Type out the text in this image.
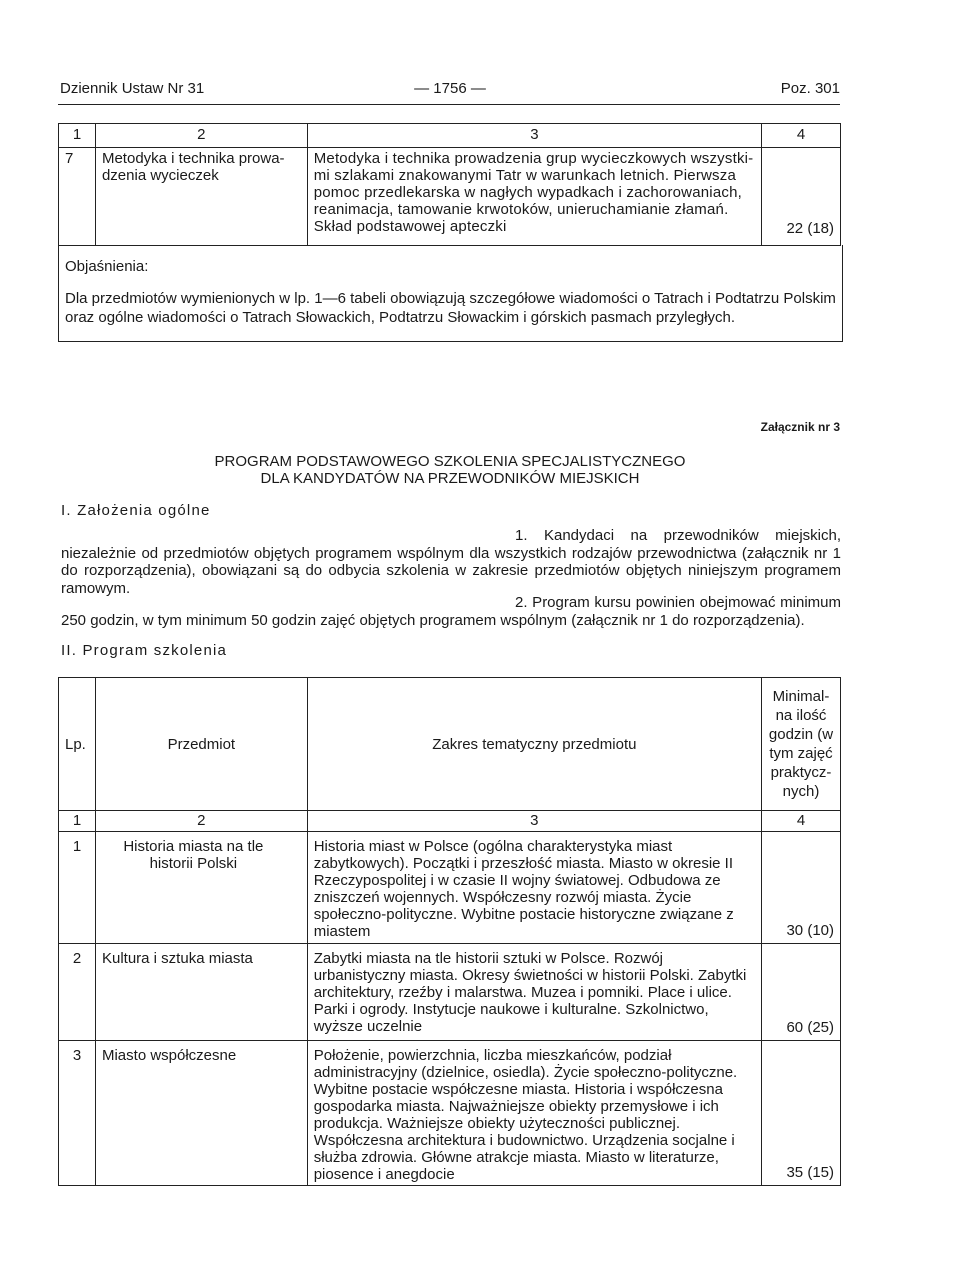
Dziennik Ustaw Nr 31	— 1756 —	Poz. 301
1	2	3	4
7	Metodyka i technika prowa-dzenia wycieczek	Metodyka i technika prowadzenia grup wycieczkowych wszystki-mi szlakami znakowanymi Tatr w warunkach letnich. Pierwsza pomoc przedlekarska w nagłych wypadkach i zachorowaniach, reanimacja, tamowanie krwotoków, unieruchamianie złamań. Skład podstawowej apteczki	22 (18)
Objaśnienia:
Dla przedmiotów wymienionych w lp. 1—6 tabeli obowiązują szczegółowe wiadomości o Tatrach i Podtatrzu Polskim oraz ogólne wiadomości o Tatrach Słowackich, Podtatrzu Słowackim i górskich pasmach przyległych.
Załącznik nr 3
PROGRAM PODSTAWOWEGO SZKOLENIA SPECJALISTYCZNEGO
DLA KANDYDATÓW NA PRZEWODNIKÓW MIEJSKICH
I. Założenia ogólne
1. Kandydaci na przewodników miejskich, niezależnie od przedmiotów objętych programem wspólnym dla wszystkich rodzajów przewodnictwa (załącznik nr 1 do rozporządzenia), obowiązani są do odbycia szkolenia w zakresie przedmiotów objętych niniejszym programem ramowym.
2. Program kursu powinien obejmować minimum 250 godzin, w tym minimum 50 godzin zajęć objętych programem wspólnym (załącznik nr 1 do rozporządzenia).
II. Program szkolenia
Lp.	Przedmiot	Zakres tematyczny przedmiotu	Minimal-na ilość godzin (w tym zajęć praktycz-nych)
1	2	3	4
1	Historia miasta na tle historii Polski	Historia miast w Polsce (ogólna charakterystyka miast zabytkowych). Początki i przeszłość miasta. Miasto w okresie II Rzeczypospolitej i w czasie II wojny światowej. Odbudowa ze zniszczeń wojennych. Współczesny rozwój miasta. Życie społeczno-polityczne. Wybitne postacie historyczne związane z miastem	30 (10)
2	Kultura i sztuka miasta	Zabytki miasta na tle historii sztuki w Polsce. Rozwój urbanistyczny miasta. Okresy świetności w historii Polski. Zabytki architektury, rzeźby i malarstwa. Muzea i pomniki. Place i ulice. Parki i ogrody. Instytucje naukowe i kulturalne. Szkolnictwo, wyższe uczelnie	60 (25)
3	Miasto współczesne	Położenie, powierzchnia, liczba mieszkańców, podział administracyjny (dzielnice, osiedla). Życie społeczno-polityczne. Wybitne postacie współczesne miasta. Historia i współczesna gospodarka miasta. Najważniejsze obiekty przemysłowe i ich produkcja. Ważniejsze obiekty użyteczności publicznej. Współczesna architektura i budownictwo. Urządzenia socjalne i służba zdrowia. Główne atrakcje miasta. Miasto w literaturze, piosence i anegdocie	35 (15)
